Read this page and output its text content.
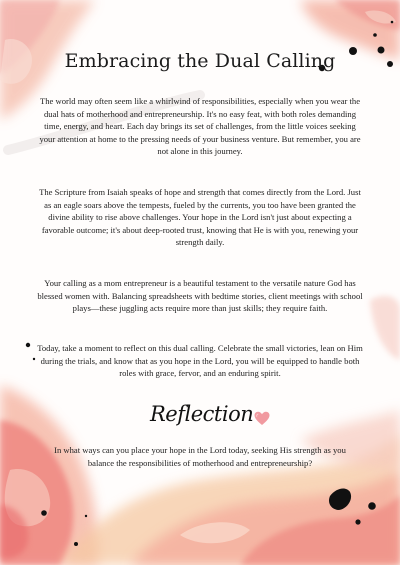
Embracing the Dual Calling

The world may often seem like a whirlwind of responsibilities, especially when you wear the dual hats of motherhood and entrepreneurship. It's no easy feat, with both roles demanding time, energy, and heart. Each day brings its set of challenges, from the little voices seeking your attention at home to the pressing needs of your business venture. But remember, you are not alone in this journey.

The Scripture from Isaiah speaks of hope and strength that comes directly from the Lord. Just as an eagle soars above the tempests, fueled by the currents, you too have been granted the divine ability to rise above challenges. Your hope in the Lord isn't just about expecting a favorable outcome; it's about deep-rooted trust, knowing that He is with you, renewing your strength daily.

Your calling as a mom entrepreneur is a beautiful testament to the versatile nature God has blessed women with. Balancing spreadsheets with bedtime stories, client meetings with school plays—these juggling acts require more than just skills; they require faith.

Today, take a moment to reflect on this dual calling. Celebrate the small victories, lean on Him during the trials, and know that as you hope in the Lord, you will be equipped to handle both roles with grace, fervor, and an enduring spirit.

Reflection

In what ways can you place your hope in the Lord today, seeking His strength as you balance the responsibilities of motherhood and entrepreneurship?
